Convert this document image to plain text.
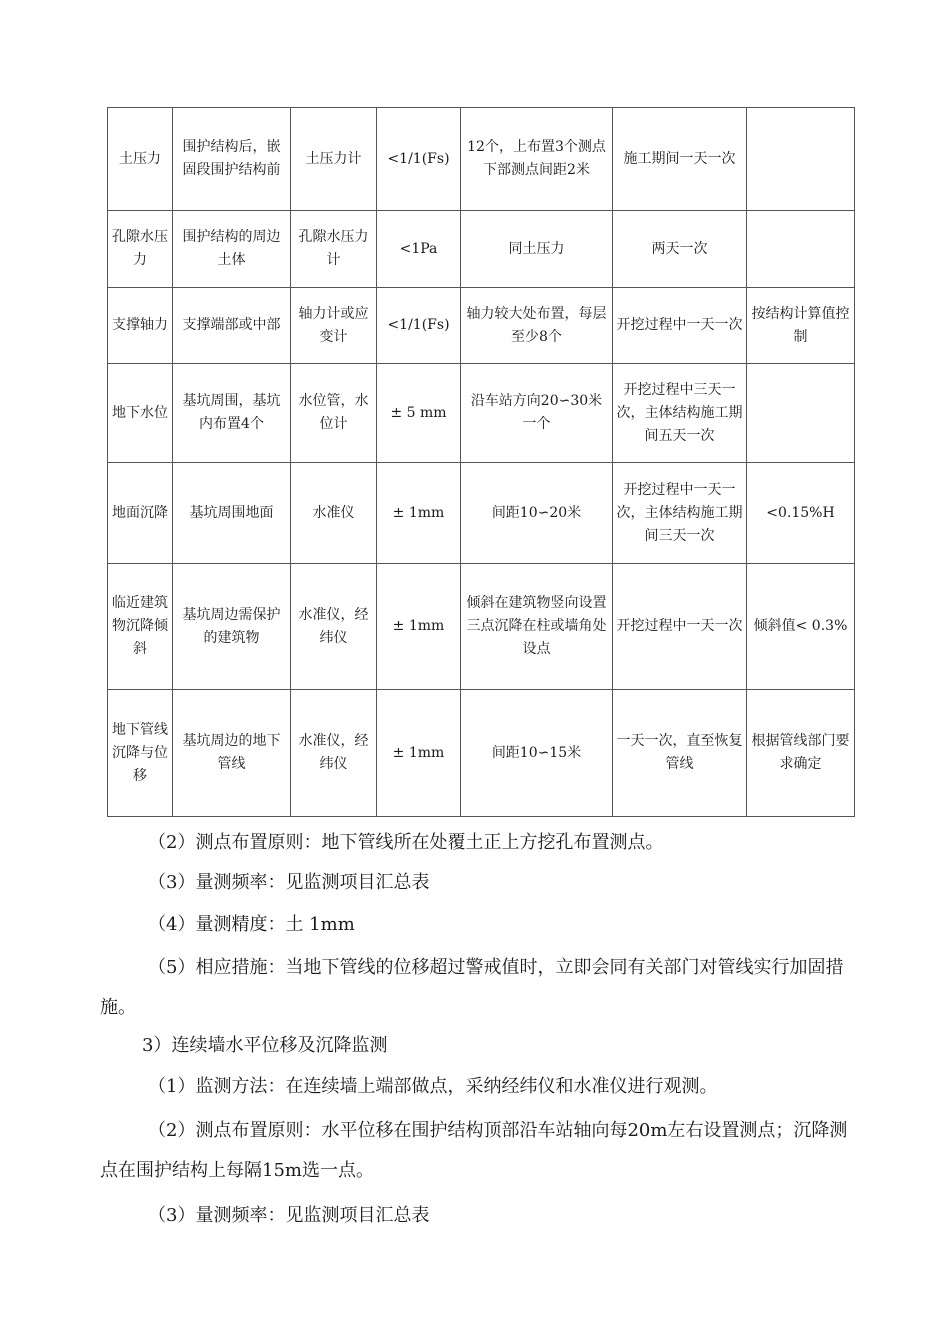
土压力	围护结构后，嵌固段围护结构前	土压力计	<1/1(Fs)	12个，上布置3个测点下部测点间距2米	施工期间一天一次	
孔隙水压力	围护结构的周边土体	孔隙水压力计	<1Pa	同土压力	两天一次	
支撑轴力	支撑端部或中部	轴力计或应变计	<1/1(Fs)	轴力较大处布置，每层至少8个	开挖过程中一天一次	按结构计算值控制
地下水位	基坑周围，基坑内布置4个	水位管，水位计	± 5 mm	沿车站方向20∽30米一个	开挖过程中三天一次，主体结构施工期间五天一次	
地面沉降	基坑周围地面	水准仪	± 1mm	间距10∽20米	开挖过程中一天一次，主体结构施工期间三天一次	<0.15%H
临近建筑物沉降倾斜	基坑周边需保护的建筑物	水准仪，经纬仪	± 1mm	倾斜在建筑物竖向设置三点沉降在柱或墙角处设点	开挖过程中一天一次	倾斜值< 0.3%
地下管线沉降与位移	基坑周边的地下管线	水准仪，经纬仪	± 1mm	间距10∽15米	一天一次，直至恢复管线	根据管线部门要求确定
（2）测点布置原则：地下管线所在处覆土正上方挖孔布置测点。
（3）量测频率：见监测项目汇总表
（4）量测精度：土 1mm
（5）相应措施：当地下管线的位移超过警戒值时，立即会同有关部门对管线实行加固措施。
3）连续墙水平位移及沉降监测
（1）监测方法：在连续墙上端部做点，采纳经纬仪和水准仪进行观测。
（2）测点布置原则：水平位移在围护结构顶部沿车站轴向每20m左右设置测点；沉降测点在围护结构上每隔15m选一点。
（3）量测频率：见监测项目汇总表
